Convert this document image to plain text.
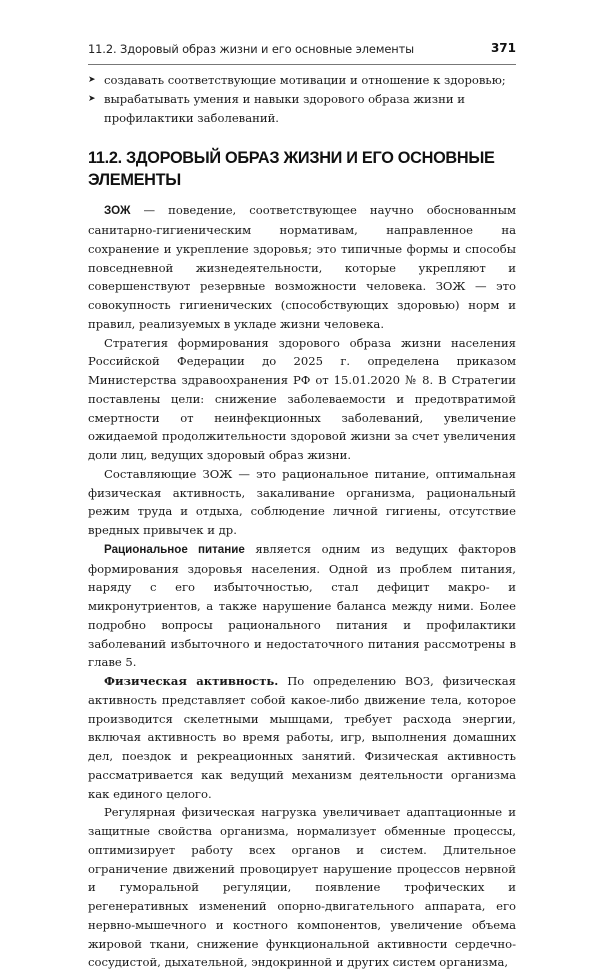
11.2. Здоровый образ жизни и его основные элементы	371
➤ создавать соответствующие мотивации и отношение к здоровью;
➤ вырабатывать умения и навыки здорового образа жизни и профилактики заболеваний.
11.2. ЗДОРОВЫЙ ОБРАЗ ЖИЗНИ И ЕГО ОСНОВНЫЕ ЭЛЕМЕНТЫ

ЗОЖ — поведение, соответствующее научно обоснованным санитарно-гигиеническим нормативам, направленное на сохранение и укрепление здоровья; это типичные формы и способы повседневной жизнедеятельности, которые укрепляют и совершенствуют резервные возможности человека. ЗОЖ — это совокупность гигиенических (способствующих здоровью) норм и правил, реализуемых в укладе жизни человека.

Стратегия формирования здорового образа жизни населения Российской Федерации до 2025 г. определена приказом Министерства здравоохранения РФ от 15.01.2020 № 8. В Стратегии поставлены цели: снижение заболеваемости и предотвратимой смертности от неинфекционных заболеваний, увеличение ожидаемой продолжительности здоровой жизни за счет увеличения доли лиц, ведущих здоровый образ жизни.

Составляющие ЗОЖ — это рациональное питание, оптимальная физическая активность, закаливание организма, рациональный режим труда и отдыха, соблюдение личной гигиены, отсутствие вредных привычек и др.

Рациональное питание является одним из ведущих факторов формирования здоровья населения. Одной из проблем питания, наряду с его избыточностью, стал дефицит макро- и микронутриентов, а также нарушение баланса между ними. Более подробно вопросы рационального питания и профилактики заболеваний избыточного и недостаточного питания рассмотрены в главе 5.

Физическая активность. По определению ВОЗ, физическая активность представляет собой какое-либо движение тела, которое производится скелетными мышцами, требует расхода энергии, включая активность во время работы, игр, выполнения домашних дел, поездок и рекреационных занятий. Физическая активность рассматривается как ведущий механизм деятельности организма как единого целого.

Регулярная физическая нагрузка увеличивает адаптационные и защитные свойства организма, нормализует обменные процессы, оптимизирует работу всех органов и систем. Длительное ограничение движений провоцирует нарушение процессов нервной и гуморальной регуляции, появление трофических и регенеративных изменений опорно-двигательного аппарата, его нервно-мышечного и костного компонентов, увеличение объема жировой ткани, снижение функциональной активности сердечно-сосудистой, дыхательной, эндокринной и других систем организма,
